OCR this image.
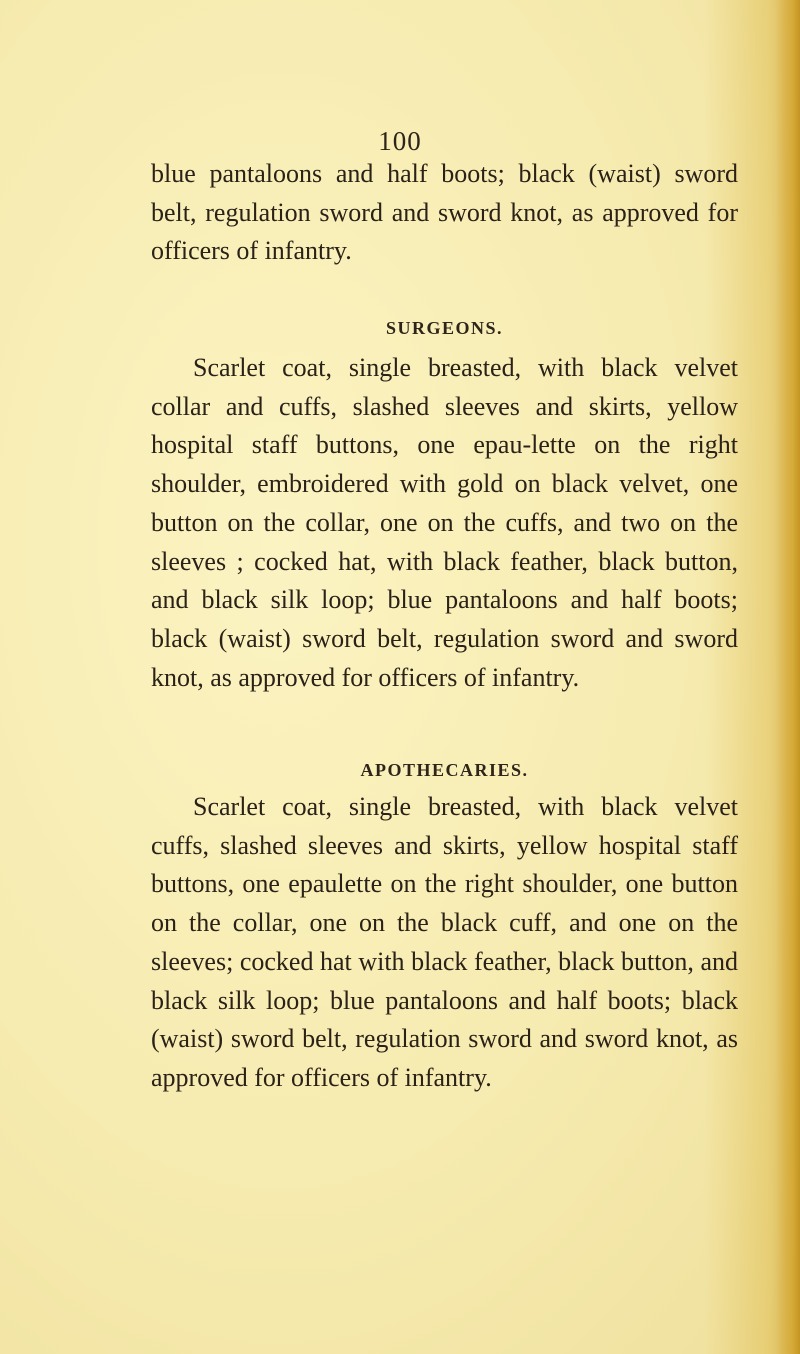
100

blue pantaloons and half boots; black (waist) sword belt, regulation sword and sword knot, as approved for officers of infantry.

SURGEONS.

Scarlet coat, single breasted, with black velvet collar and cuffs, slashed sleeves and skirts, yellow hospital staff buttons, one epau-lette on the right shoulder, embroidered with gold on black velvet, one button on the collar, one on the cuffs, and two on the sleeves ; cocked hat, with black feather, black button, and black silk loop; blue pantaloons and half boots; black (waist) sword belt, regulation sword and sword knot, as approved for officers of infantry.

APOTHECARIES.

Scarlet coat, single breasted, with black velvet cuffs, slashed sleeves and skirts, yellow hospital staff buttons, one epaulette on the right shoulder, one button on the collar, one on the black cuff, and one on the sleeves; cocked hat with black feather, black button, and black silk loop; blue pantaloons and half boots; black (waist) sword belt, regulation sword and sword knot, as approved for officers of infantry.
